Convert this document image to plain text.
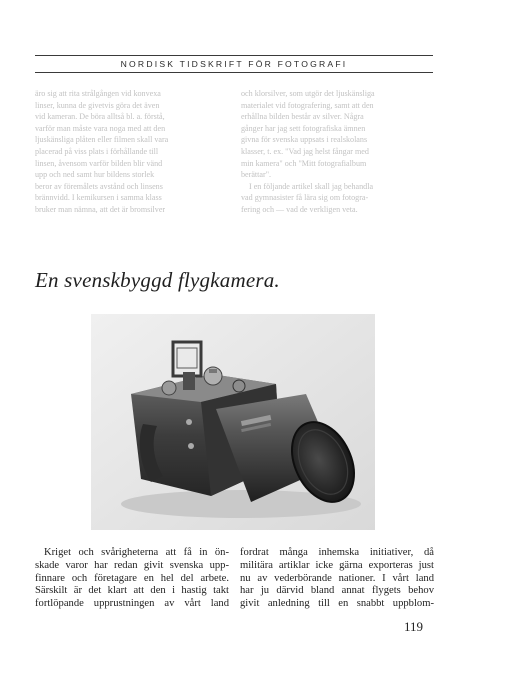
NORDISK TIDSKRIFT FÖR FOTOGRAFI
äro sig att rita strålgången vid konvexa
linser, kunna de givetvis göra det även
vid kameran. De böra alltså bl. a. förstå,
varför man måste vara noga med att den
ljuskänsliga plåten eller filmen skall vara
placerad på viss plats i förhållande till
linsen, åvensom varför bilden blir vänd
upp och ned samt hur bildens storlek
beror av föremålets avstånd och linsens
brännvidd. I kemikursen i samma klass
bruker man nämna, att det är bromsilver
och klorsilver, som utgör det ljuskänsliga
materialet vid fotografering, samt att den
erhållna bilden består av silver. Några
gånger har jag sett fotografiska ämnen
givna för svenska uppsats i realskolans
klasser, t. ex. "Vad jag helst fångar med
min kamera" och "Mitt fotografialbum
berättar".
I en följande artikel skall jag behandla
vad gymnasister få lära sig om fotogra-
fering och — vad de verkligen veta.
En svenskbyggd flygkamera.
Kriget och svårigheterna att få in ön-
skade varor har redan givit svenska upp-
finnare och företagare en hel del arbete.
Särskilt är det klart att den i hastig takt
fortlöpande upprustningen av vårt land
fordrat många inhemska initiativer, då
militära artiklar icke gärna exporteras just
nu av vederbörande nationer. I vårt land
har ju därvid bland annat flygets behov
givit anledning till en snabbt uppblom-
119
